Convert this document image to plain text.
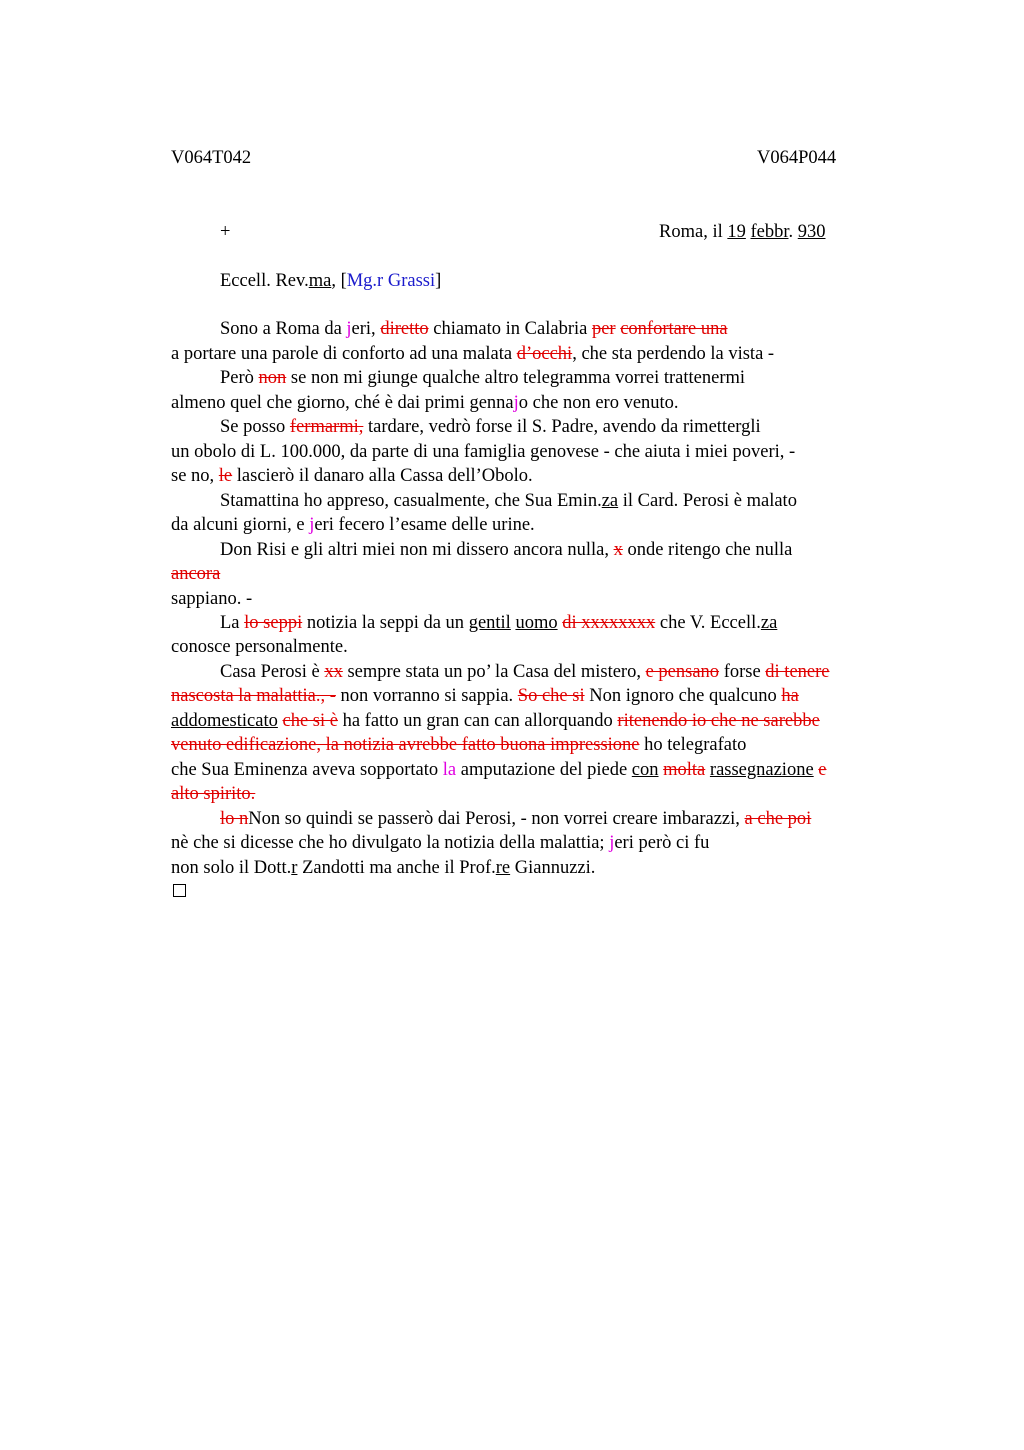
V064T042	V064P044
+	Roma, il 19 febbr. 930
Eccell. Rev.ma, [Mg.r Grassi]
Sono a Roma da jeri, diretto chiamato in Calabria per confortare una
a portare una parole di conforto ad una malata d’occhi, che sta perdendo la vista -
Però non se non mi giunge qualche altro telegramma vorrei trattenermi
almeno quel che giorno, ché è dai primi gennajo che non ero venuto.
Se posso fermarmi, tardare, vedrò forse il S. Padre, avendo da rimettergli
un obolo di L. 100.000, da parte di una famiglia genovese - che aiuta i miei poveri, -
se no, le lascierò il danaro alla Cassa dell’Obolo.
Stamattina ho appreso, casualmente, che Sua Emin.za il Card. Perosi è malato
da alcuni giorni, e jeri fecero l’esame delle urine.
Don Risi e gli altri miei non mi dissero ancora nulla, x onde ritengo che nulla
ancora
sappiano. -
La lo seppi notizia la seppi da un gentil uomo di xxxxxxxx che V. Eccell.za
conosce personalmente.
Casa Perosi è xx sempre stata un po’ la Casa del mistero, e pensano forse di tenere
nascosta la malattia., - non vorranno si sappia. So che si Non ignoro che qualcuno ha
addomesticato che si è ha fatto un gran can can allorquando ritenendo io che ne sarebbe
venuto edificazione, la notizia avrebbe fatto buona impressione ho telegrafato
che Sua Eminenza aveva sopportato la amputazione del piede con molta rassegnazione e
alto spirito.
lo nNon so quindi se passerò dai Perosi, - non vorrei creare imbarazzi, a che poi
nè che si dicesse che ho divulgato la notizia della malattia; jeri però ci fu
non solo il Dott.r Zandotti ma anche il Prof.re Giannuzzi.
